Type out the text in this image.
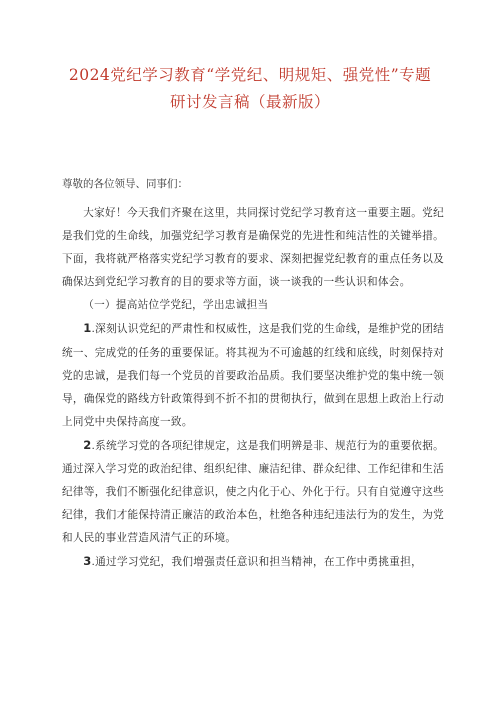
2024党纪学习教育“学党纪、明规矩、强党性”专题
研讨发言稿（最新版）
尊敬的各位领导、同事们：

大家好！今天我们齐聚在这里，共同探讨党纪学习教育这一重要主题。党纪是我们党的生命线，加强党纪学习教育是确保党的先进性和纯洁性的关键举措。下面，我将就严格落实党纪学习教育的要求、深刻把握党纪教育的重点任务以及确保达到党纪学习教育的目的要求等方面，谈一谈我的一些认识和体会。

（一）提高站位学党纪，学出忠诚担当

1.深刻认识党纪的严肃性和权威性，这是我们党的生命线，是维护党的团结统一、完成党的任务的重要保证。将其视为不可逾越的红线和底线，时刻保持对党的忠诚，是我们每一个党员的首要政治品质。我们要坚决维护党的集中统一领导，确保党的路线方针政策得到不折不扣的贯彻执行，做到在思想上政治上行动上同党中央保持高度一致。

2.系统学习党的各项纪律规定，这是我们明辨是非、规范行为的重要依据。通过深入学习党的政治纪律、组织纪律、廉洁纪律、群众纪律、工作纪律和生活纪律等，我们不断强化纪律意识，使之内化于心、外化于行。只有自觉遵守这些纪律，我们才能保持清正廉洁的政治本色，杜绝各种违纪违法行为的发生，为党和人民的事业营造风清气正的环境。

3.通过学习党纪，我们增强责任意识和担当精神，在工作中勇挑重担，
